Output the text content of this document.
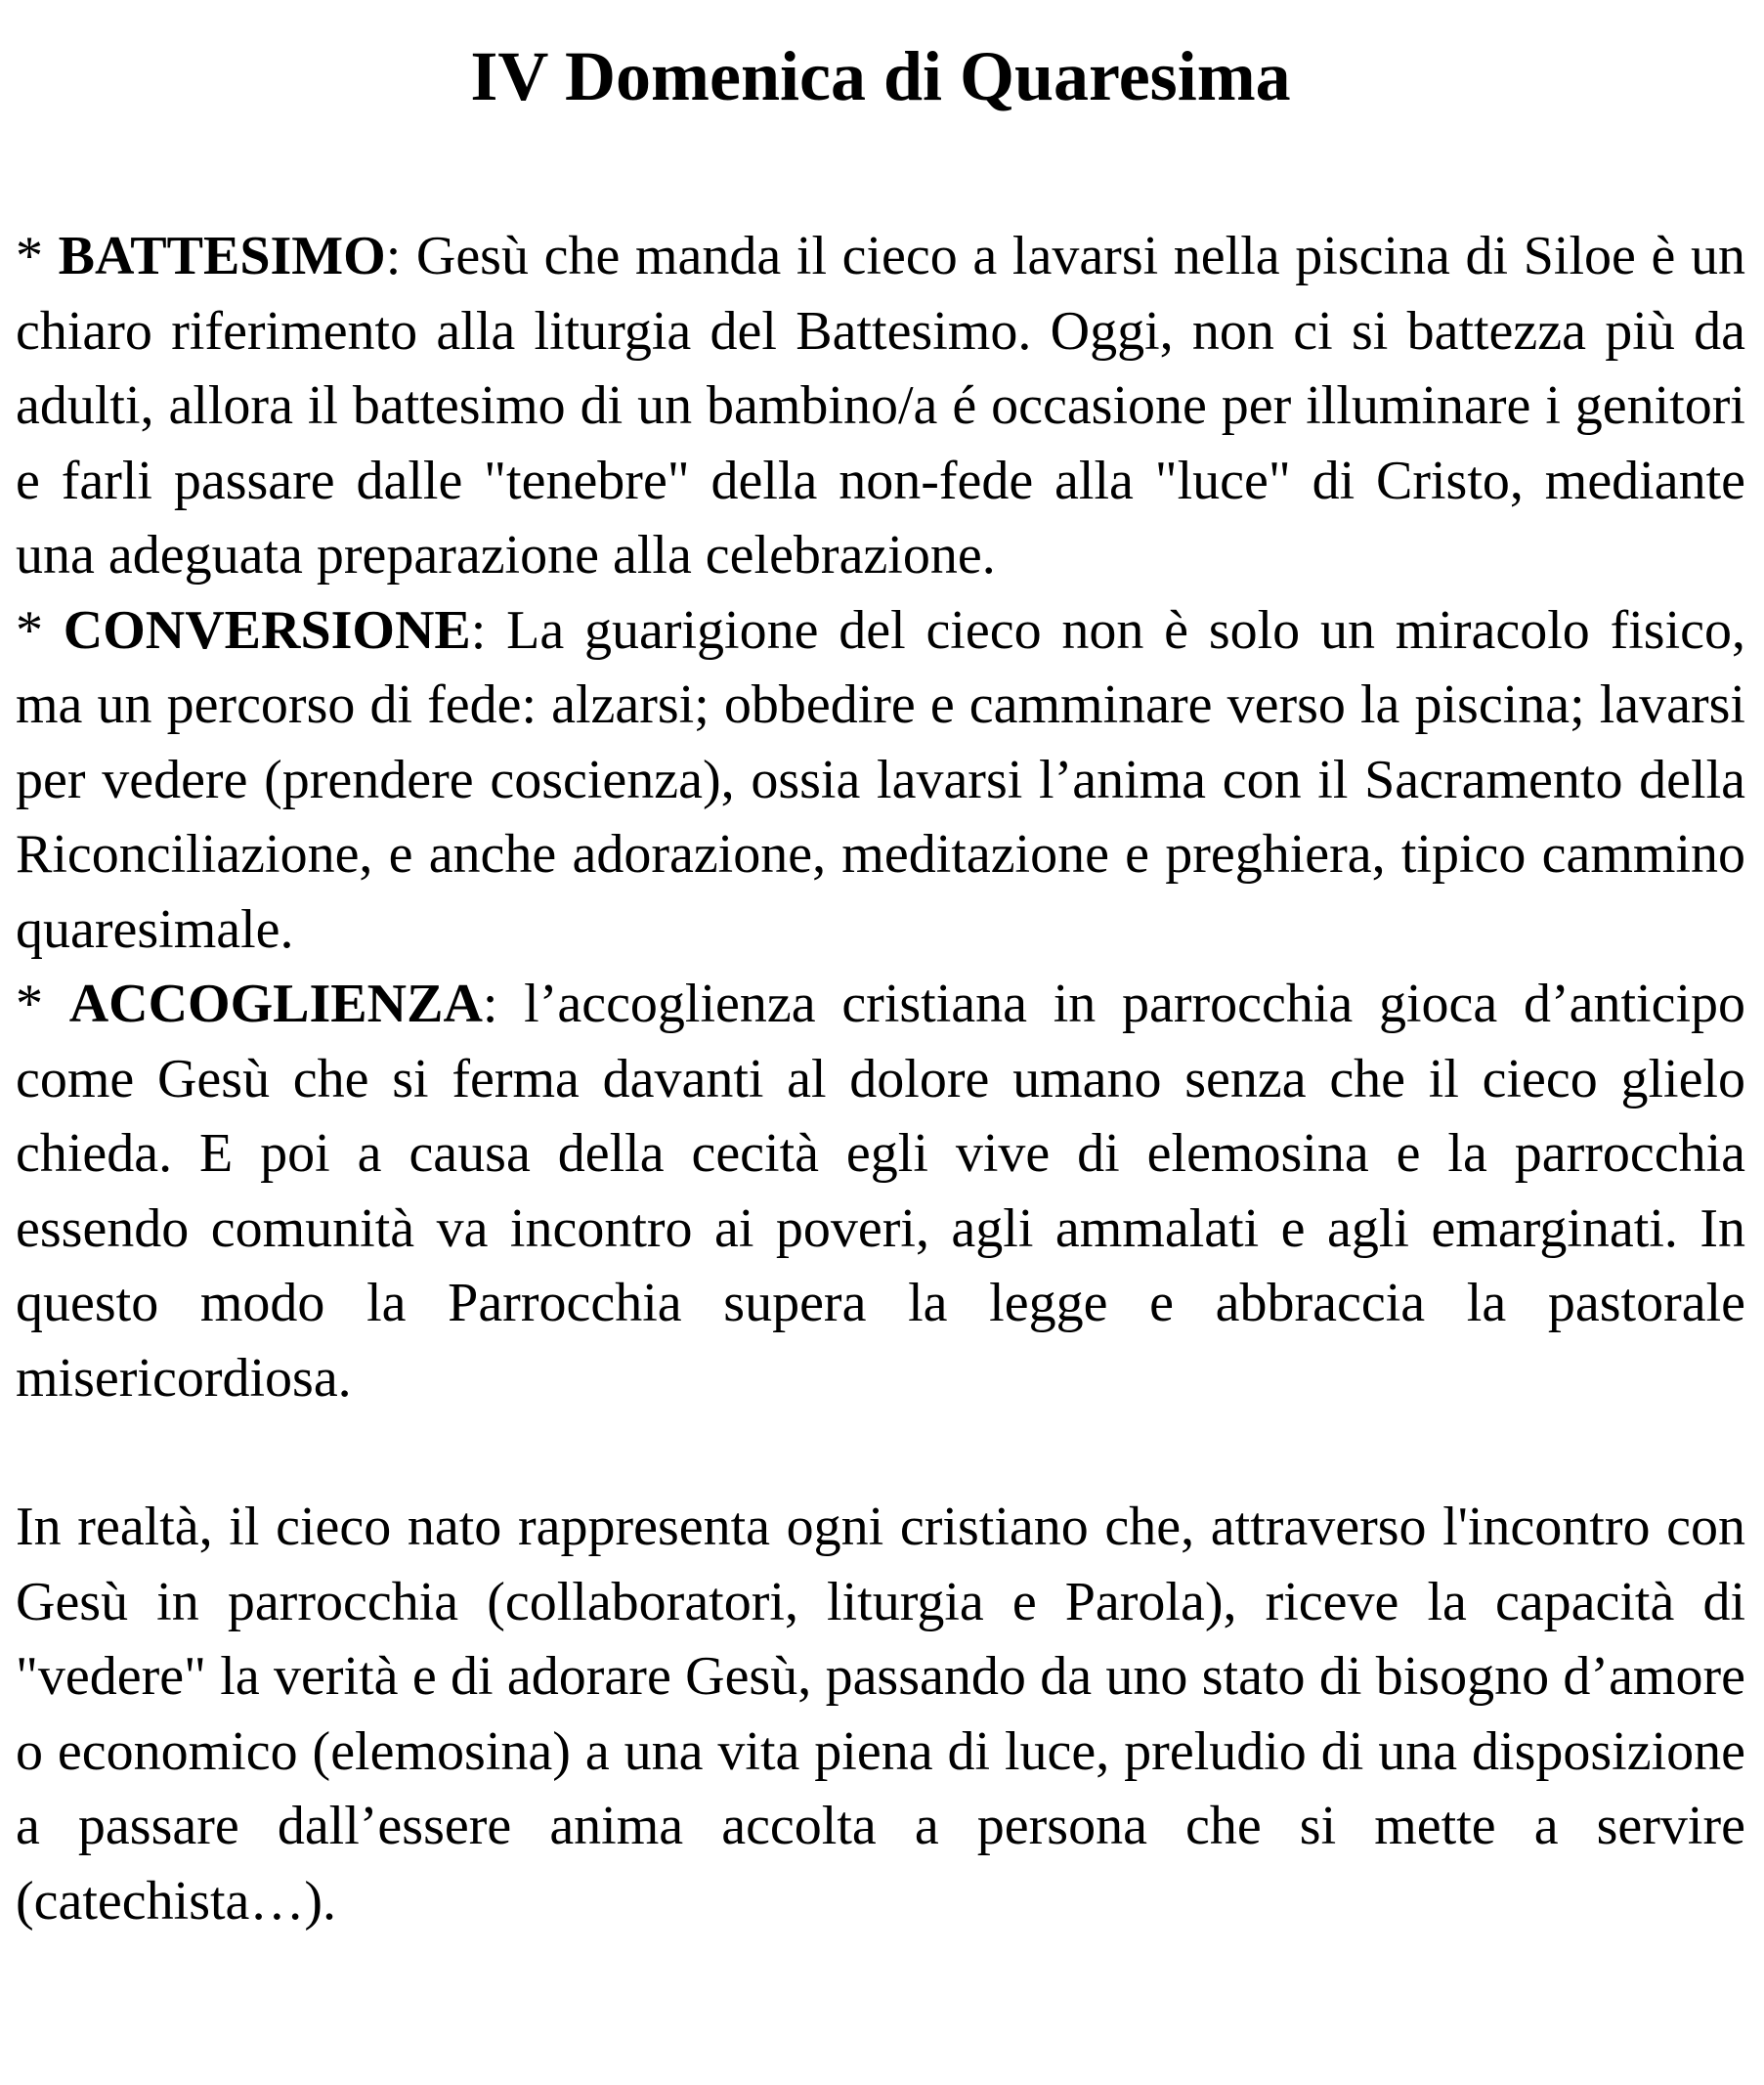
IV Domenica di Quaresima

* BATTESIMO: Gesù che manda il cieco a lavarsi nella piscina di Siloe è un chiaro riferimento alla liturgia del Battesimo. Oggi, non ci si battezza più da adulti, allora il battesimo di un bambino/a é occasione per illuminare i genitori e farli passare dalle "tenebre" della non-fede alla "luce" di Cristo, mediante una adeguata preparazione alla celebrazione.

* CONVERSIONE: La guarigione del cieco non è solo un miracolo fisico, ma un percorso di fede: alzarsi; obbedire e camminare verso la piscina; lavarsi per vedere (prendere coscienza), ossia lavarsi l’anima con il Sacramento della Riconciliazione, e anche adorazione, meditazione e preghiera, tipico cammino quaresimale.

* ACCOGLIENZA: l’accoglienza cristiana in parrocchia gioca d’anticipo come Gesù che si ferma davanti al dolore umano senza che il cieco glielo chieda. E poi a causa della cecità egli vive di elemosina e la parrocchia essendo comunità va incontro ai poveri, agli ammalati e agli emarginati. In questo modo la Parrocchia supera la legge e abbraccia la pastorale misericordiosa.

In realtà, il cieco nato rappresenta ogni cristiano che, attraverso l'incontro con Gesù in parrocchia (collaboratori, liturgia e Parola), riceve la capacità di "vedere" la verità e di adorare Gesù, passando da uno stato di bisogno d’amore o economico (elemosina) a una vita piena di luce, preludio di una disposizione a passare dall’essere anima accolta a persona che si mette a servire (catechista…).
